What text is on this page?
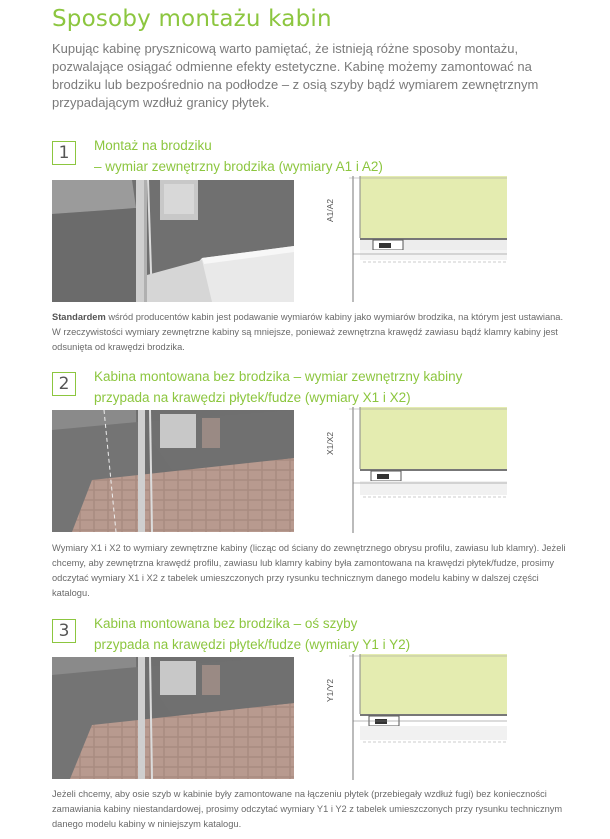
Sposoby montażu kabin

Kupując kabinę prysznicową warto pamiętać, że istnieją różne sposoby montażu, pozwalające osiągać odmienne efekty estetyczne. Kabinę możemy zamontować na brodziku lub bezpośrednio na podłodze – z osią szyby bądź wymiarem zewnętrznym przypadającym wzdłuż granicy płytek.

1 Montaż na brodziku
– wymiar zewnętrzny brodzika (wymiary A1 i A2)
A1/A2

Standardem wśród producentów kabin jest podawanie wymiarów kabiny jako wymiarów brodzika, na którym jest ustawiana. W rzeczywistości wymiary zewnętrzne kabiny są mniejsze, ponieważ zewnętrzna krawędź zawiasu bądź klamry kabiny jest odsunięta od krawędzi brodzika.

2 Kabina montowana bez brodzika – wymiar zewnętrzny kabiny
przypada na krawędzi płytek/fudze (wymiary X1 i X2)
X1/X2

Wymiary X1 i X2 to wymiary zewnętrzne kabiny (licząc od ściany do zewnętrznego obrysu profilu, zawiasu lub klamry). Jeżeli chcemy, aby zewnętrzna krawędź profilu, zawiasu lub klamry kabiny była zamontowana na krawędzi płytek/fudze, prosimy odczytać wymiary X1 i X2 z tabelek umieszczonych przy rysunku technicznym danego modelu kabiny w dalszej części katalogu.

3 Kabina montowana bez brodzika – oś szyby
przypada na krawędzi płytek/fudze (wymiary Y1 i Y2)
Y1/Y2

Jeżeli chcemy, aby osie szyb w kabinie były zamontowane na łączeniu płytek (przebiegały wzdłuż fugi) bez konieczności zamawiania kabiny niestandardowej, prosimy odczytać wymiary Y1 i Y2 z tabelek umieszczonych przy rysunku technicznym danego modelu kabiny w niniejszym katalogu.
